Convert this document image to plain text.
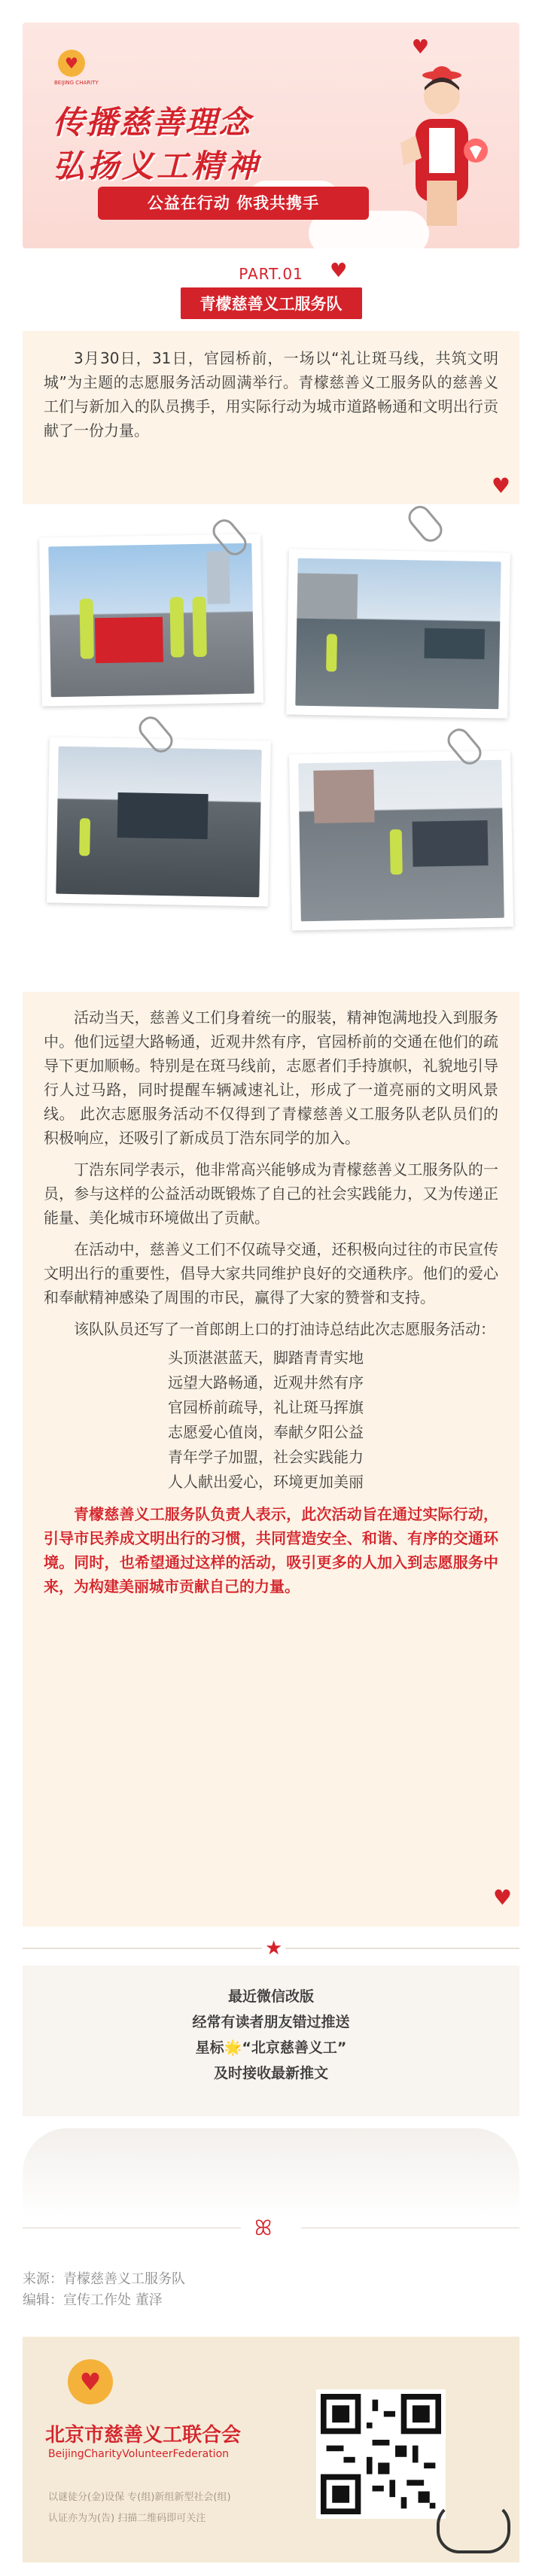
♥
BEIJING CHARITY
传播慈善理念
弘扬义工精神
公益在行动 你我共携手
♥
PART.01
青檬慈善义工服务队
♥

3月30日，31日，官园桥前，一场以“礼让斑马线，共筑文明城”为主题的志愿服务活动圆满举行。青檬慈善义工服务队的慈善义工们与新加入的队员携手，用实际行动为城市道路畅通和文明出行贡献了一份力量。

♥

活动当天，慈善义工们身着统一的服装，精神饱满地投入到服务中。他们远望大路畅通，近观井然有序，官园桥前的交通在他们的疏导下更加顺畅。特别是在斑马线前，志愿者们手持旗帜，礼貌地引导行人过马路，同时提醒车辆减速礼让，形成了一道亮丽的文明风景线。 此次志愿服务活动不仅得到了青檬慈善义工服务队老队员们的积极响应，还吸引了新成员丁浩东同学的加入。

丁浩东同学表示，他非常高兴能够成为青檬慈善义工服务队的一员，参与这样的公益活动既锻炼了自己的社会实践能力，又为传递正能量、美化城市环境做出了贡献。

在活动中，慈善义工们不仅疏导交通，还积极向过往的市民宣传文明出行的重要性，倡导大家共同维护良好的交通秩序。他们的爱心和奉献精神感染了周围的市民，赢得了大家的赞誉和支持。

该队队员还写了一首郎朗上口的打油诗总结此次志愿服务活动：

头顶湛湛蓝天，脚踏青青实地
远望大路畅通，近观井然有序
官园桥前疏导，礼让斑马挥旗
志愿爱心值岗，奉献夕阳公益
青年学子加盟，社会实践能力
人人献出爱心，环境更加美丽

青檬慈善义工服务队负责人表示，此次活动旨在通过实际行动，引导市民养成文明出行的习惯，共同营造安全、和谐、有序的交通环境。同时，也希望通过这样的活动，吸引更多的人加入到志愿服务中来，为构建美丽城市贡献自己的力量。

♥
★
最近微信改版
经常有读者朋友错过推送
星标🌟“北京慈善义工”
及时接收最新推文
ꕤ
来源：青檬慈善义工服务队
编辑：宣传工作处 董泽
♥
北京市慈善义工联合会
BeijingCharityVolunteerFederation
以谜徒分(金)设保 专(组)新组新型社会(组)
认证亦为为(告) 扫描二维码即可关注
